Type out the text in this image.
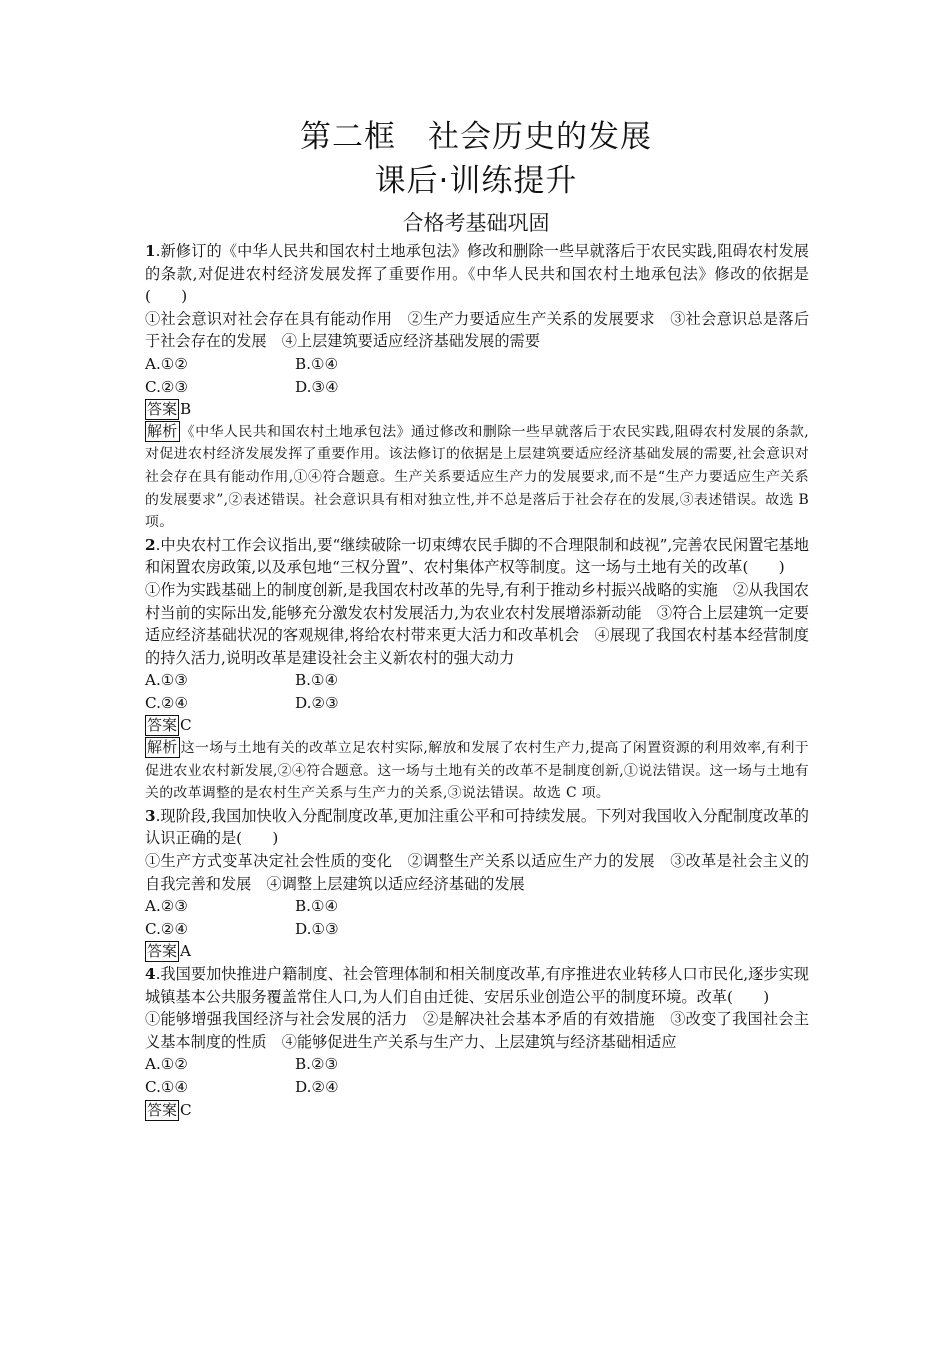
第二框　社会历史的发展
课后·训练提升
合格考基础巩固

1.新修订的《中华人民共和国农村土地承包法》修改和删除一些早就落后于农民实践,阻碍农村发展的条款,对促进农村经济发展发挥了重要作用。《中华人民共和国农村土地承包法》修改的依据是(　　)

①社会意识对社会存在具有能动作用　②生产力要适应生产关系的发展要求　③社会意识总是落后于社会存在的发展　④上层建筑要适应经济基础发展的需要

A.①②	B.①④
C.②③	D.③④

答案 B

解析 《中华人民共和国农村土地承包法》通过修改和删除一些早就落后于农民实践,阻碍农村发展的条款,对促进农村经济发展发挥了重要作用。该法修订的依据是上层建筑要适应经济基础发展的需要,社会意识对社会存在具有能动作用,①④符合题意。生产关系要适应生产力的发展要求,而不是“生产力要适应生产关系的发展要求”,②表述错误。社会意识具有相对独立性,并不总是落后于社会存在的发展,③表述错误。故选 B 项。

2.中央农村工作会议指出,要“继续破除一切束缚农民手脚的不合理限制和歧视”,完善农民闲置宅基地和闲置农房政策,以及承包地“三权分置”、农村集体产权等制度。这一场与土地有关的改革(　　)

①作为实践基础上的制度创新,是我国农村改革的先导,有利于推动乡村振兴战略的实施　②从我国农村当前的实际出发,能够充分激发农村发展活力,为农业农村发展增添新动能　③符合上层建筑一定要适应经济基础状况的客观规律,将给农村带来更大活力和改革机会　④展现了我国农村基本经营制度的持久活力,说明改革是建设社会主义新农村的强大动力

A.①③	B.①④
C.②④	D.②③

答案 C

解析 这一场与土地有关的改革立足农村实际,解放和发展了农村生产力,提高了闲置资源的利用效率,有利于促进农业农村新发展,②④符合题意。这一场与土地有关的改革不是制度创新,①说法错误。这一场与土地有关的改革调整的是农村生产关系与生产力的关系,③说法错误。故选 C 项。

3.现阶段,我国加快收入分配制度改革,更加注重公平和可持续发展。下列对我国收入分配制度改革的认识正确的是(　　)

①生产方式变革决定社会性质的变化　②调整生产关系以适应生产力的发展　③改革是社会主义的自我完善和发展　④调整上层建筑以适应经济基础的发展

A.②③	B.①④
C.②④	D.①③

答案 A

4.我国要加快推进户籍制度、社会管理体制和相关制度改革,有序推进农业转移人口市民化,逐步实现城镇基本公共服务覆盖常住人口,为人们自由迁徙、安居乐业创造公平的制度环境。改革(　　)

①能够增强我国经济与社会发展的活力　②是解决社会基本矛盾的有效措施　③改变了我国社会主义基本制度的性质　④能够促进生产关系与生产力、上层建筑与经济基础相适应

A.①②	B.②③
C.①④	D.②④

答案 C
